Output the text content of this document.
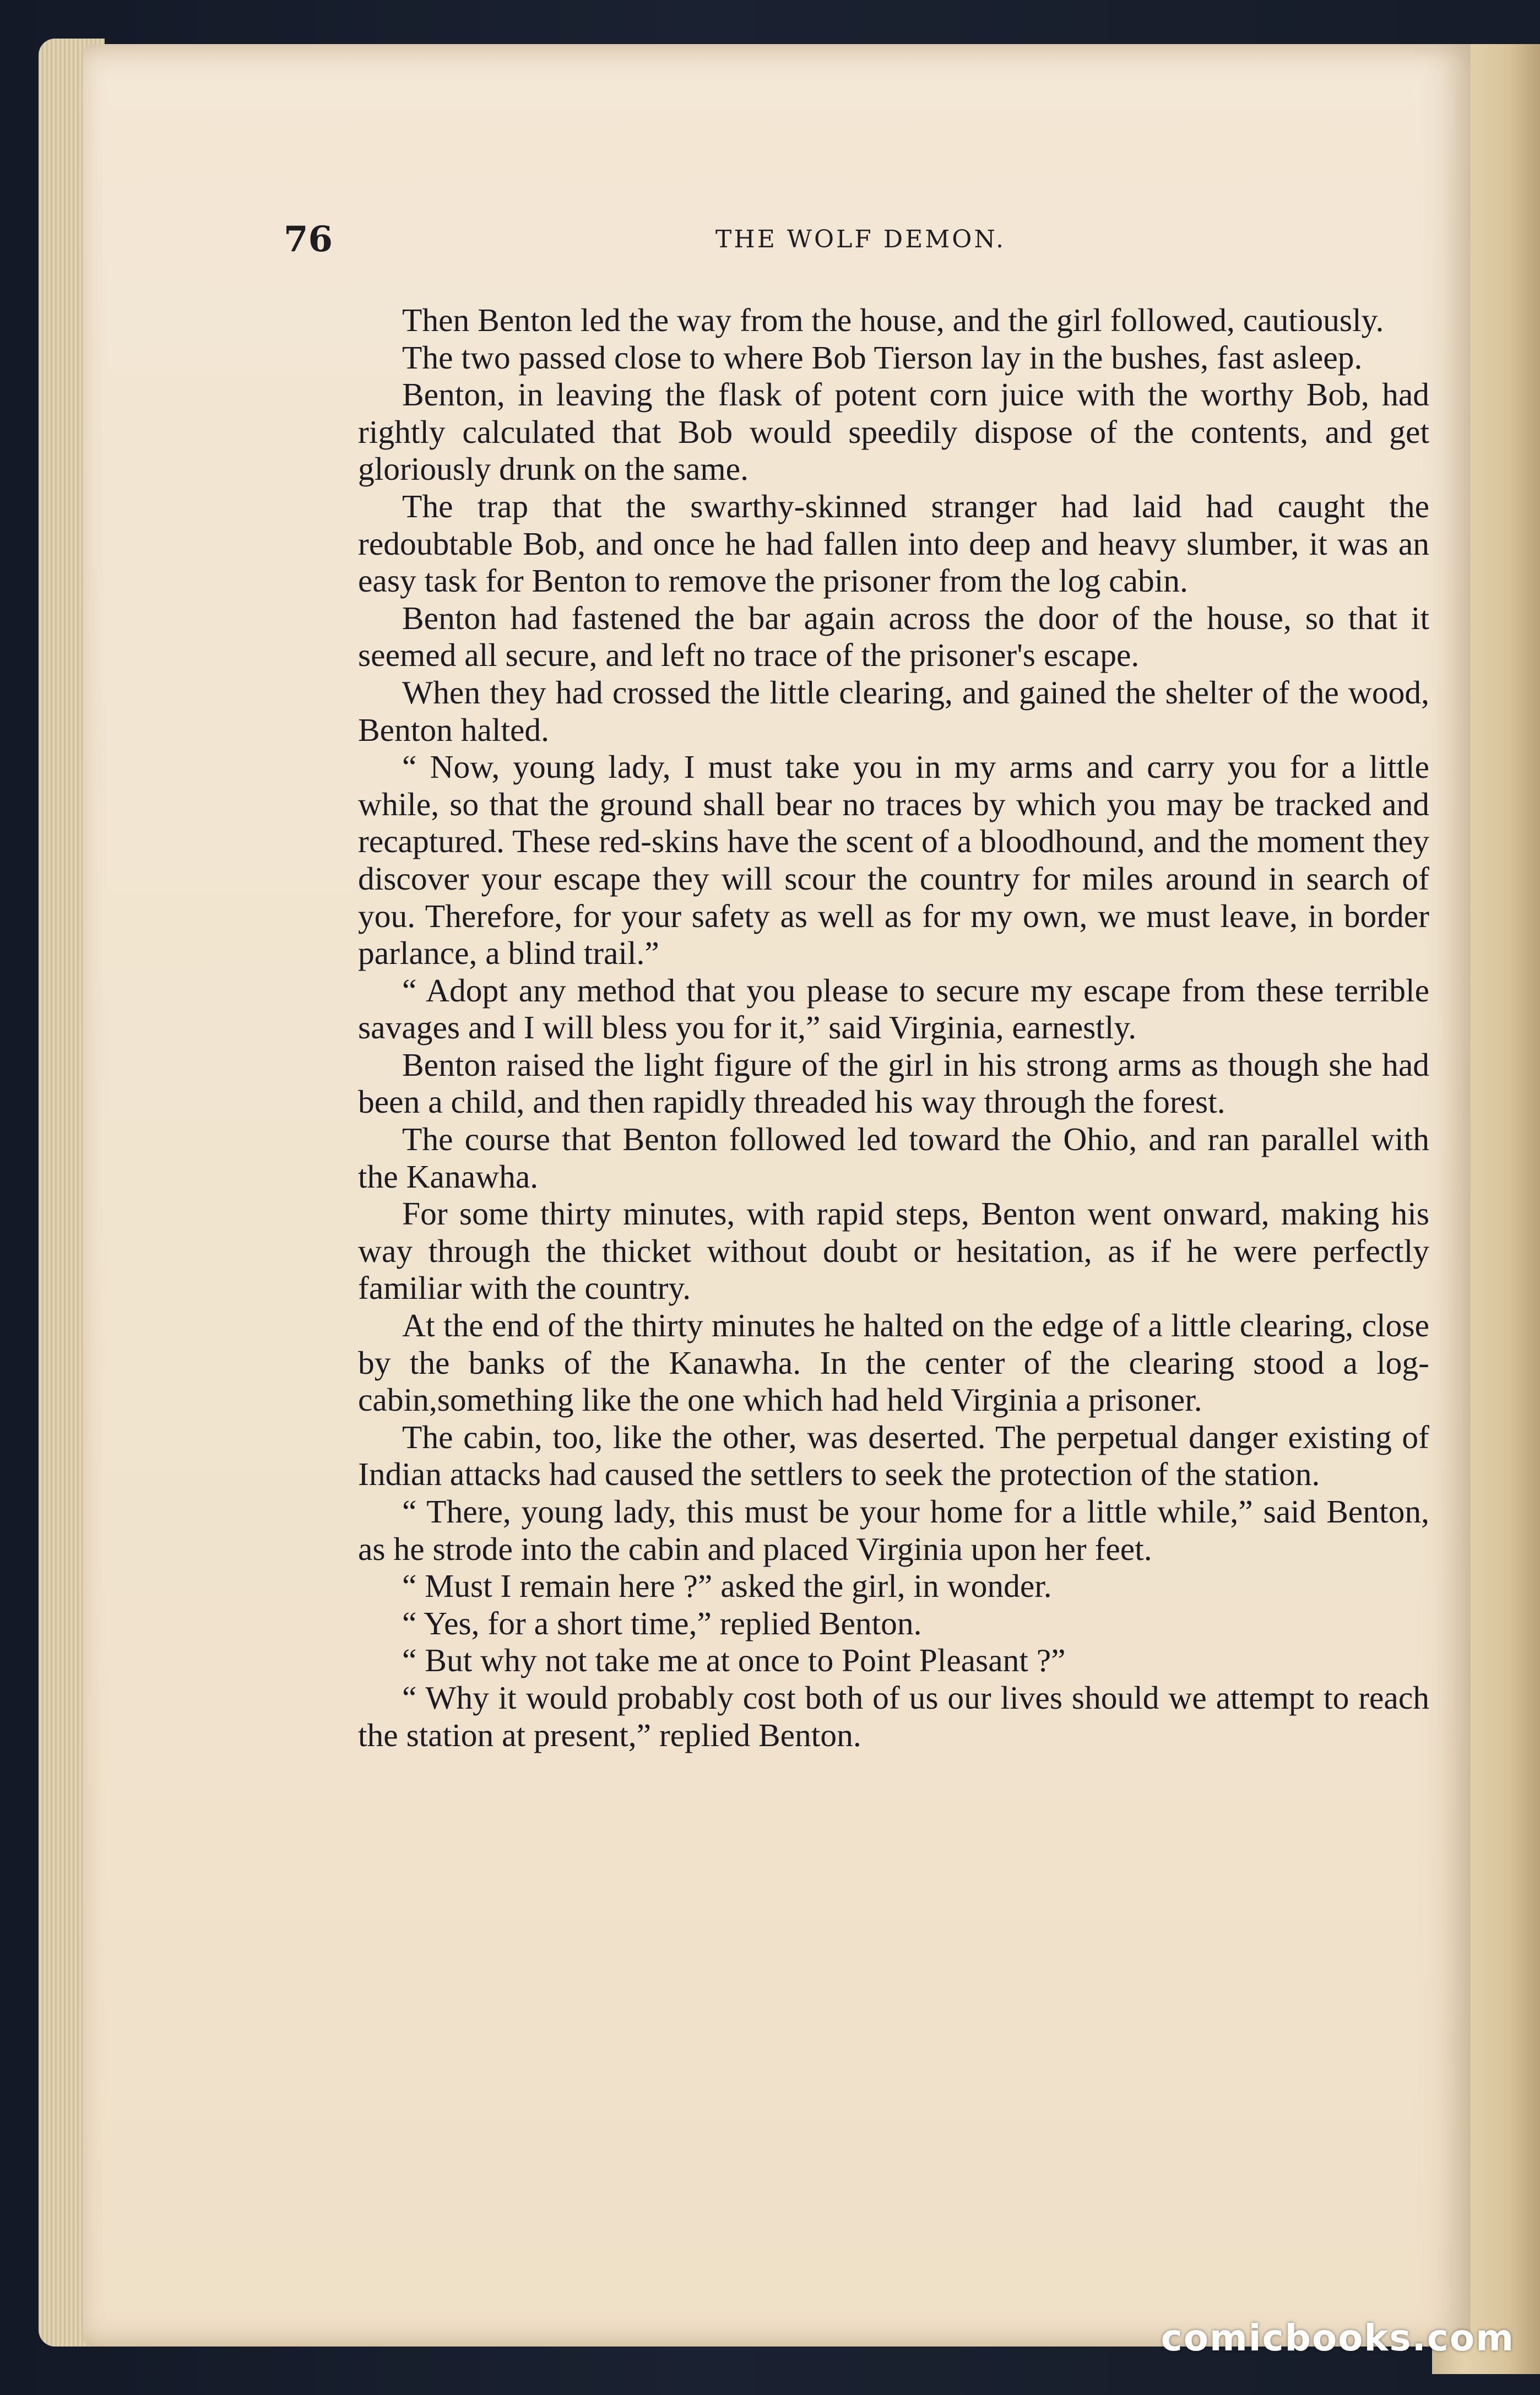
76	THE WOLF DEMON.

Then Benton led the way from the house, and the girl followed, cautiously.

The two passed close to where Bob Tierson lay in the bushes, fast asleep.

Benton, in leaving the flask of potent corn juice with the worthy Bob, had rightly calculated that Bob would speedily dispose of the contents, and get gloriously drunk on the same.

The trap that the swarthy-skinned stranger had laid had caught the redoubtable Bob, and once he had fallen into deep and heavy slumber, it was an easy task for Benton to remove the prisoner from the log cabin.

Benton had fastened the bar again across the door of the house, so that it seemed all secure, and left no trace of the prisoner's escape.

When they had crossed the little clearing, and gained the shelter of the wood, Benton halted.

“ Now, young lady, I must take you in my arms and carry you for a little while, so that the ground shall bear no traces by which you may be tracked and recaptured. These red-skins have the scent of a bloodhound, and the moment they discover your escape they will scour the country for miles around in search of you. Therefore, for your safety as well as for my own, we must leave, in border parlance, a blind trail.”

“ Adopt any method that you please to secure my escape from these terrible savages and I will bless you for it,” said Virginia, earnestly.

Benton raised the light figure of the girl in his strong arms as though she had been a child, and then rapidly threaded his way through the forest.

The course that Benton followed led toward the Ohio, and ran parallel with the Kanawha.

For some thirty minutes, with rapid steps, Benton went onward, making his way through the thicket without doubt or hesitation, as if he were perfectly familiar with the country.

At the end of the thirty minutes he halted on the edge of a little clearing, close by the banks of the Kanawha. In the center of the clearing stood a log-cabin,something like the one which had held Virginia a prisoner.

The cabin, too, like the other, was deserted. The perpetual danger existing of Indian attacks had caused the settlers to seek the protection of the station.

“ There, young lady, this must be your home for a little while,” said Benton, as he strode into the cabin and placed Virginia upon her feet.

“ Must I remain here ?” asked the girl, in wonder.

“ Yes, for a short time,” replied Benton.

“ But why not take me at once to Point Pleasant ?”

“ Why it would probably cost both of us our lives should we attempt to reach the station at present,” replied Benton.

comicbooks.com
